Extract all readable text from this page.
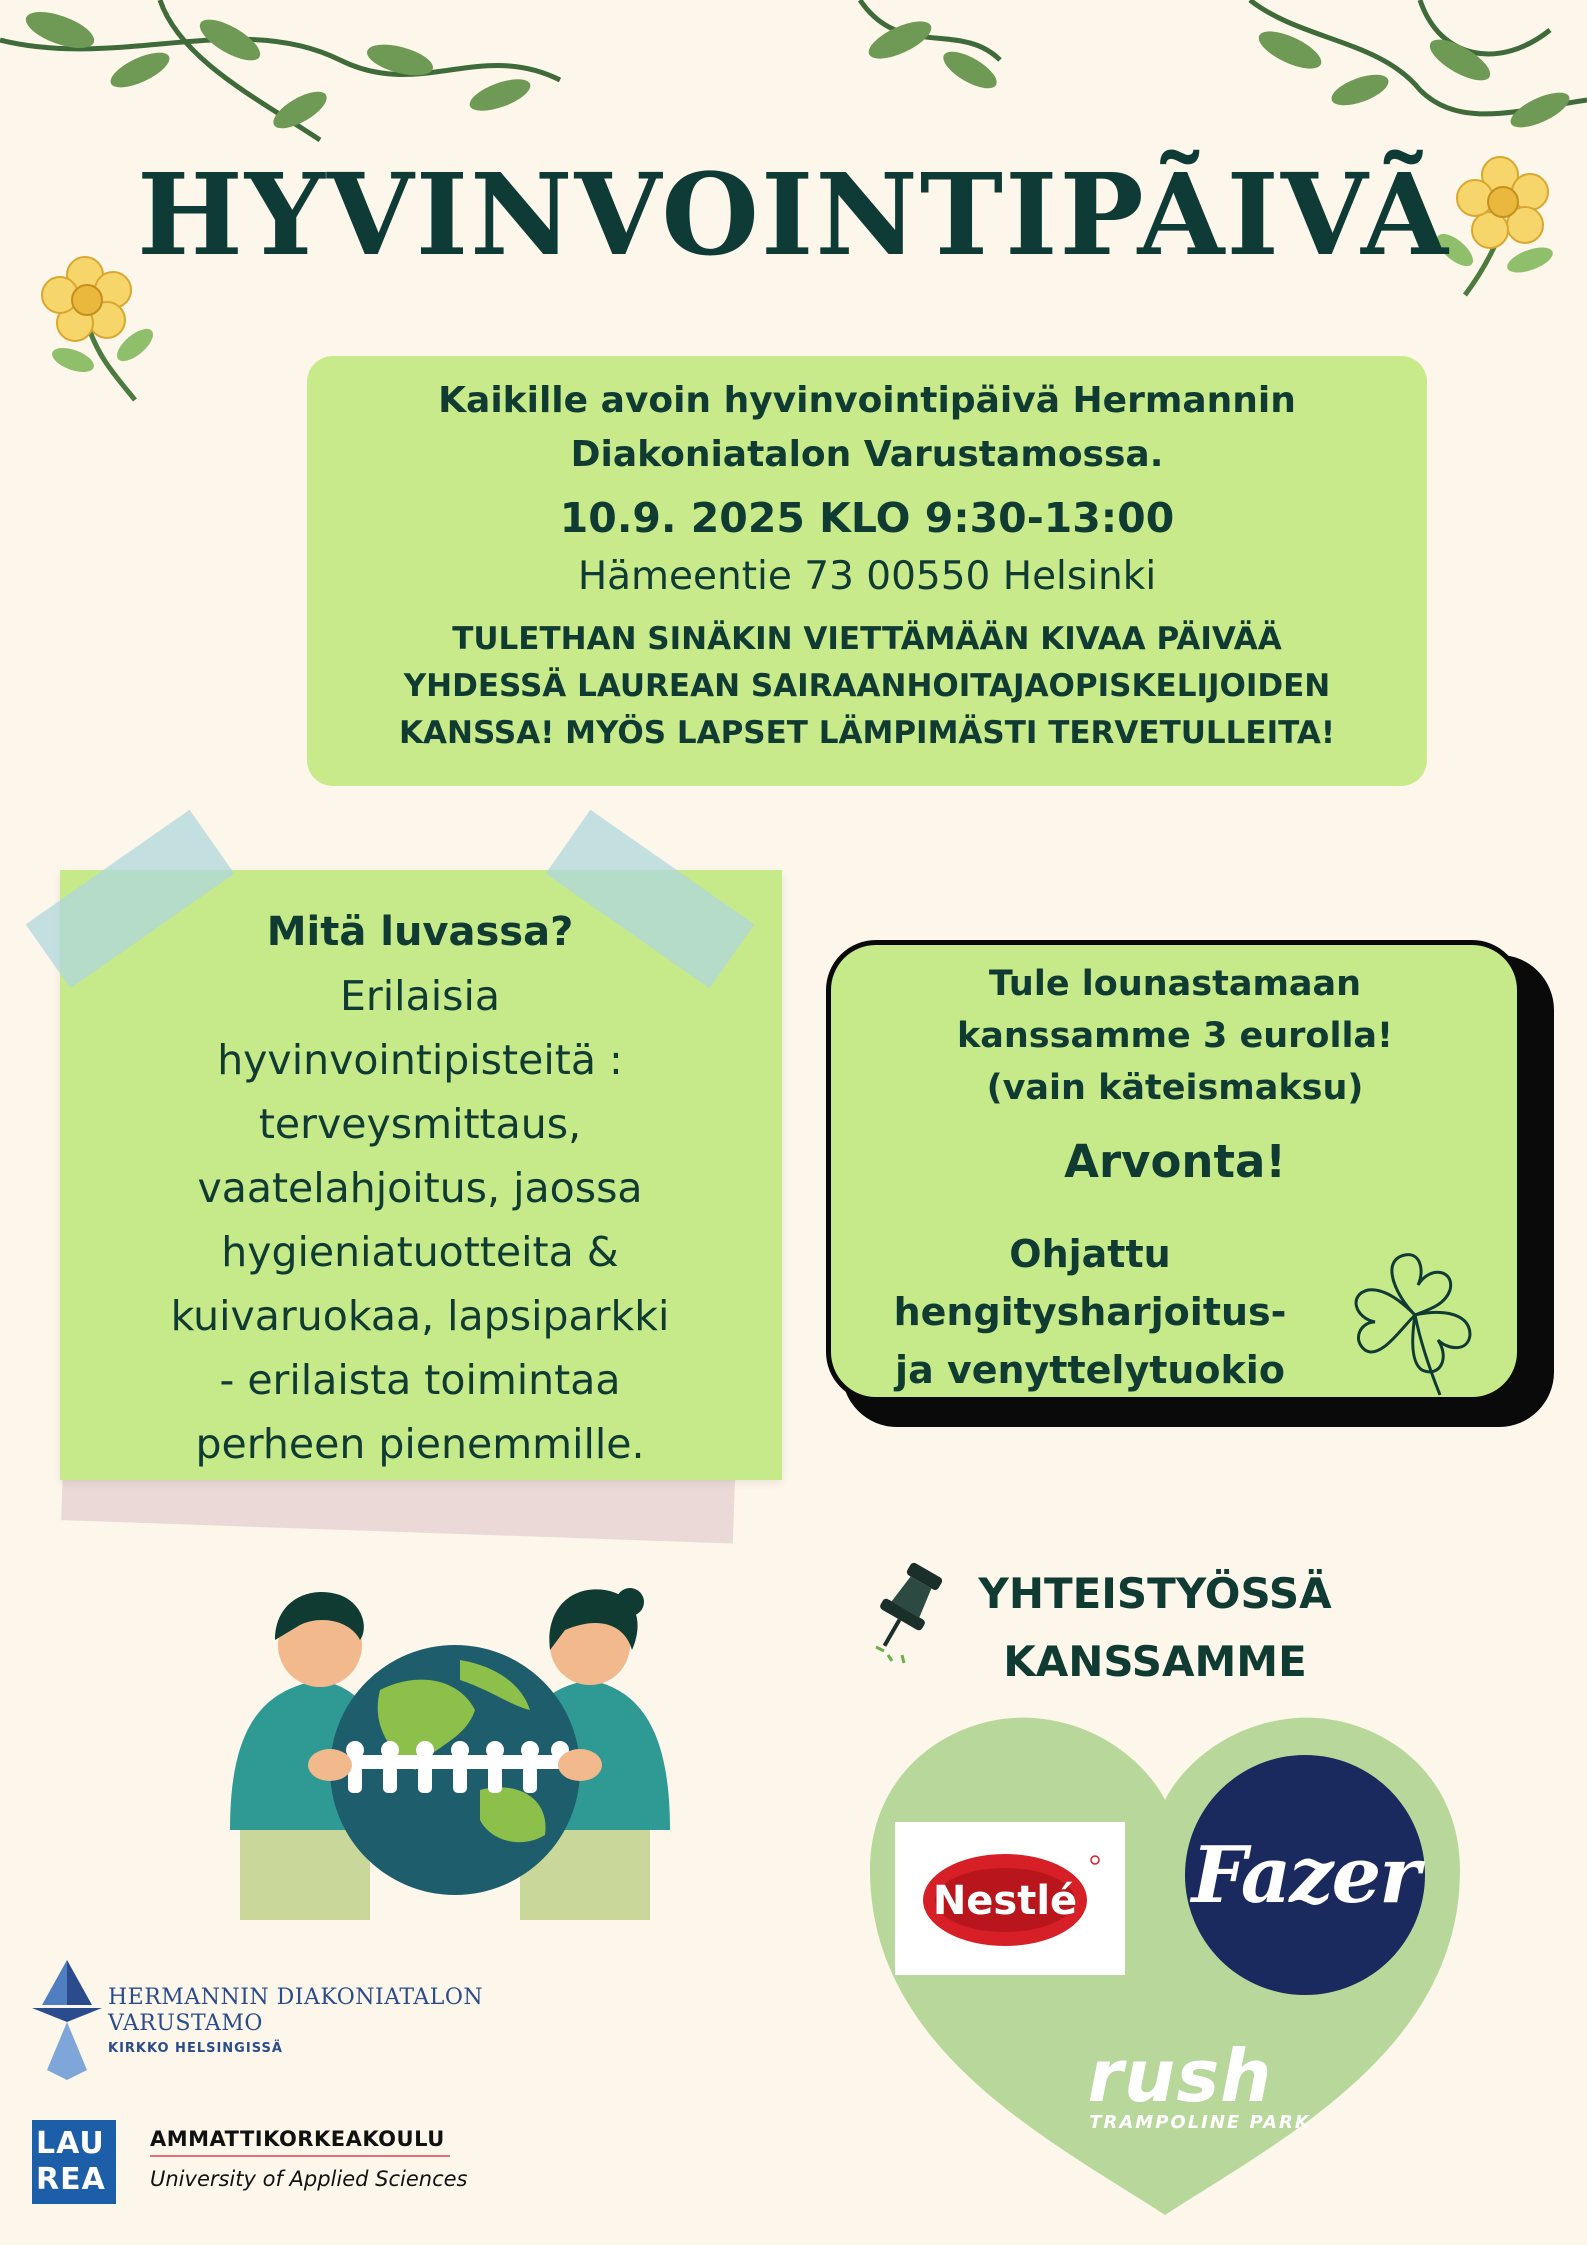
HYVINVOINTIPÃIVÃ
Kaikille avoin hyvinvointipäivä Hermannin
Diakoniatalon Varustamossa.
10.9. 2025 KLO 9:30-13:00
Hämeentie 73 00550 Helsinki
TULETHAN SINÄKIN VIETTÄMÄÄN KIVAA PÄIVÄÄ
YHDESSÄ LAUREAN SAIRAANHOITAJAOPISKELIJOIDEN
KANSSA! MYÖS LAPSET LÄMPIMÄSTI TERVETULLEITA!
Mitä luvassa?
Erilaisia
hyvinvointipisteitä :
terveysmittaus,
vaatelahjoitus, jaossa
hygieniatuotteita &
kuivaruokaa, lapsiparkki
- erilaista toimintaa
perheen pienemmille.
Tule lounastamaan
kanssamme 3 eurolla!
(vain käteismaksu)
Arvonta!
Ohjattu
hengitysharjoitus-
ja venyttelytuokio
YHTEISTYÖSSÄ
KANSSAMME
Nestlé Fazer
rush
TRAMPOLINE PARK
HERMANNIN DIAKONIATALON
VARUSTAMO
KIRKKO HELSINGISSÄ
LAU
REA
AMMATTIKORKEAKOULU
University of Applied Sciences
